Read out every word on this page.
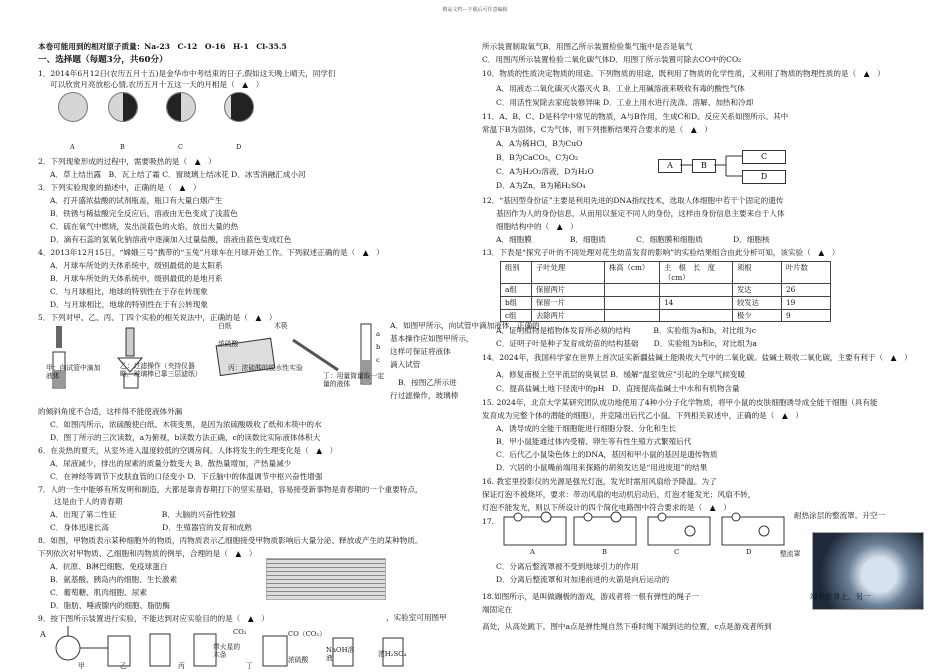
精品文档---下载后可任意编辑
本卷可能用到的相对原子质量：Na-23　C-12　O-16　H-1　Cl-35.5
一、选择题（每题3分，共60分）
1．2014年6月12日(农历五月十五)是金华市中考结束的日子,假如这天晚上晴天，同学们
可以欣赏月亮放松心情,农历五月十五这一天的月相是（　▲　）
A	B	C	D
2．下列现象形成的过程中，需要吸热的是（　▲　）
A．草上结出露　B．瓦上结了霜 C．窗玻璃上结冰花 D．冰雪消融汇成小河
3．下列实验现象的描述中，正确的是（　▲　）
A．打开盛浓盐酸的试剂瓶盖，瓶口有大量白烟产生
B．铁锈与稀盐酸完全反应后，溶液由无色变成了浅蓝色
C．硫在氧气中燃烧，发出淡蓝色的火焰，放出大量的热
D．滴有石蕊的氢氧化钠溶液中逐滴加入过量盐酸，溶液由蓝色变成红色
4．2013年12月15日，“嫦娥三号”携带的“玉兔”月球车在月球开始工作。下列叙述正确的是（　▲　）
A．月球车所处的天体系统中，级别最低的是太阳系
B．月球车所处的天体系统中，级别最低的是地月系
C．与月球相比，地球的特别性在于存在转现象
D．与月球相比，地球的特别性在于有公转现象
5．下列对甲、乙、丙、丁四个实验的相关说法中，正确的是（　▲　）
甲：向试管中滴加液体
乙：过滤操作（夹持仪器略，玻璃棒已靠三层滤纸）
白纸	木筷
浓硫酸
丙：浓硫酸的脱水性实验
丁：用量筒量取一定量的液体
a
b
c
A．如图甲所示，向试管中滴加液体，正确的
基本操作应如图甲所示，
这样可保证将液体
滴入试管
B．按图乙所示进
行过滤操作，玻璃棒
的倾斜角度不合适，这样得不能使液体外漏
C．如图丙所示，浓硫酸使白纸、木筷变黑，是因为浓硫酸吸收了纸和木筷中的水
D．图丁所示的三次读数，a为俯视，b读数方法正确，c的读数比实际液体体积大
6．在炎热的夏天，从室外进入温度较低的空调房间。人体将发生的生理变化是（　▲　）
A．尿液减少，排出的尿素的质量分数变大 B．散热量增加，产热量减少
C．在神经等调节下皮肤血管的口径变小 D．下丘脑中的体温调节中枢兴奋性增强
7．人的一生中能够有所发明和制造，大都是靠青春期打下的坚实基础，容易接受新事物是青春期的一个重要特点，
这是由于人的青春期
A．出现了第二性征　　　　　　B．大脑的兴奋性较强
C．身体迅速长高　　　　　　　D．生殖器官的发育和成熟
8．如图，甲物质表示某种细胞外的物质，丙物质表示乙细胞接受甲物质影响后大量分泌、释放或产生的某种物质。
下列依次对甲物质、乙细胞和丙物质的例举，合理的是（　▲　）
A．抗原、B淋巴细胞、免疫球蛋白
B．氨基酸、胰岛内的细胞、生长激素
C．葡萄糖、肌肉细胞、尿素
D．脂肪、唾液腺内的细胞、脂肪酶
9．按下图所示装置进行实验，不能达到对应实验目的的是（　▲　）
A	CO₂	CO（CO₂）
带火星的木条
浓硫酸
NaOH溶液
浓H₂SO₄
，实验室可用图甲
甲	乙	丙	丁
所示装置制取氧气B．用图乙所示装置检验集气瓶中是否是氧气
C．用图丙所示装置检验二氧化碳气体D．用图丁所示装置可除去CO中的CO₂
10．物质的性质决定物质的用途。下列物质的用途，既利用了物质的化学性质，又利用了物质的物理性质的是（　▲　）
A．用液态二氧化碳灭火器灭火 B．工业上用碱溶液来吸收有毒的酸性气体
C．用活性炭除去家庭装修异味 D．工业上用水进行洗涤、溶解、加热和冷却
11．A、B、C、D是科学中常见的物质，A与B作用，生成C和D。反应关系如图所示。其中
常温下B为固体，C为气体，则下列推断结果符合要求的是（　▲　）
A．A为稀HCl，B为CuO
B．B为CaCO₃，C为O₂
C．A为H₂O₂溶液，D为H₂O
D．A为Zn，B为稀H₂SO₄
A	B
C
D
12．“基因型身份证”主要是利用先进的DNA指纹技术，选取人体细胞中若干个固定的遗传
基因作为人的身份信息，从而用以鉴定不同人的身份，这样由身份信息主要来自于人体
细胞结构中的（　▲　）
A．细胞膜　　　　　B．细胞质　　　　C．细胞膜和细胞质　　　　D．细胞核
13．下表是“探究子叶的不同处理对花生幼苗发育的影响”的实验结果组合由此分析可知，该实验（　▲　）
组别	子叶处理	株高（cm）	主　根　长　度（cm）	须根	叶片数
a组	保留两片			发达	26
b组	保留一片		14	较发达	19
c组	去除两片			极少	9
A．证明植物是植物体发育所必须的结构　　　B．实验组为a和b，对比组为c
C．证明子叶是种子发育成幼苗的结构基础　　D．实验组为b和c，对比组为a
14．2024年，我国科学家在世界上首次证实新疆盐碱土能吸收大气中的二氧化碳。盐碱土吸收二氧化碳，主要有利于（　▲　）
A．修复南极上空平流层的臭氧层 B．缓解“温室效应”引起的全球气候变暖
C．提高盐碱土地下径流中的pH　D．直接提高盐碱土中水和有机物含量
15. 2024年，北京大学某研究团队成功地使用了4种小分子化学物质，将甲小鼠的皮肤细胞诱导成全能干细胞（具有能
发育成为完整个体的潜能的细胞），并克隆出后代乙小鼠。下列相关叙述中，正确的是（　▲　）
A．诱导成的全能干细胞能进行细胞分裂、分化和生长
B．甲小鼠能通过体内受精、卵生等有性生殖方式繁殖后代
C．后代乙小鼠染色体上的DNA，基因和甲小鼠的基因是遗传物质
D．穴居的小鼠嘴前端用来探路的胡须发达是“用进废退”的结果
16. 教室里投影仪的光源是强光灯泡，发光时需用风扇给予降温。为了
保证灯泡不被烧坏，要求：带动风扇的电动机启动后，灯泡才能发光；风扇不转，
灯泡不能发光，则以下所设计的四个简化电路图中符合要求的是（　▲　）
17.
A	B	C	D
耐热涂层的整流罩。升空一
整流罩
C．分离后整流罩被不受到地球引力的作用
D．分离后整流罩和对加速前进的火箭是向后运动的
18.如图所示，是叫做蹦极的游戏，游戏者将一根有弹性的绳子一	端系在身上，另一
端固定在
高处，从高处跳下。图中a点是弹性绳自然下垂时绳下端到达的位置，c点是游戏者所到
